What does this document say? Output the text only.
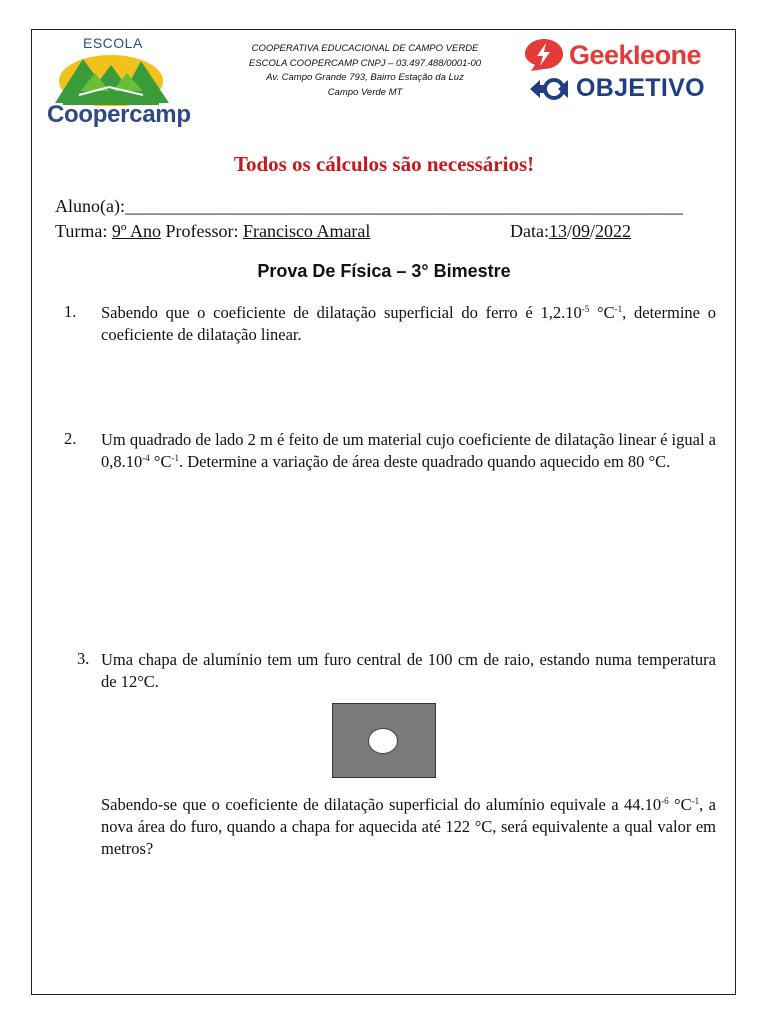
ESCOLA
Coopercamp
COOPERATIVA EDUCACIONAL DE CAMPO VERDE
ESCOLA COOPERCAMP CNPJ – 03.497.488/0001-00
Av. Campo Grande 793, Bairro Estação da Luz
Campo Verde MT
GeekIeone
OBJETIVO
Todos os cálculos são necessários!
Aluno(a):______________________________________________________________
Turma: 9º Ano Professor: Francisco Amaral	Data:13/09/2022
Prova De Física – 3° Bimestre
1. Sabendo que o coeficiente de dilatação superficial do ferro é $1,2.10^{-5}$ $^\circ C^{-1}$, determine o coeficiente de dilatação linear.
2. Um quadrado de lado 2 m é feito de um material cujo coeficiente de dilatação linear é igual a $0,8.10^{-4}$ $^\circ C^{-1}$. Determine a variação de área deste quadrado quando aquecido em 80 °C.
3. Uma chapa de alumínio tem um furo central de 100 cm de raio, estando numa temperatura de 12°C.
Sabendo-se que o coeficiente de dilatação superficial do alumínio equivale a $44.10^{-6}$ $^\circ C^{-1}$, a nova área do furo, quando a chapa for aquecida até 122 °C, será equivalente a qual valor em metros?
